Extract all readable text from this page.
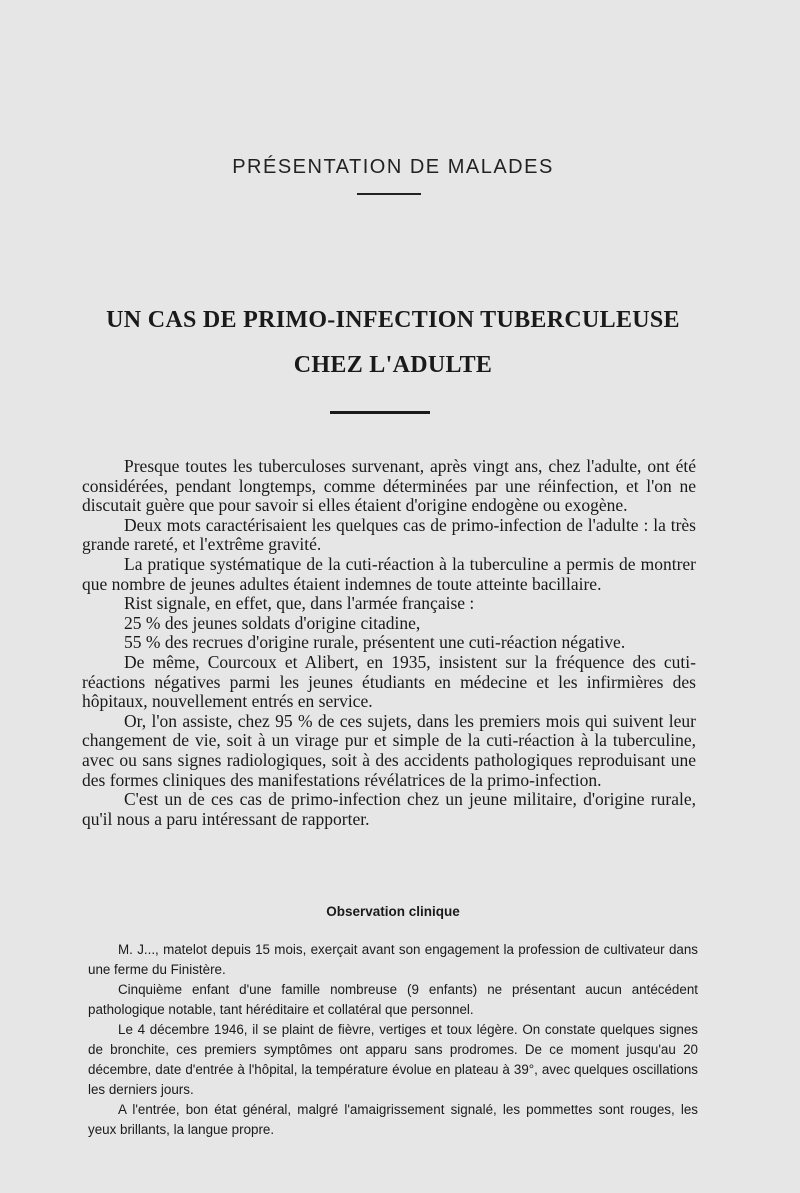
PRÉSENTATION DE MALADES
UN CAS DE PRIMO-INFECTION TUBERCULEUSE
CHEZ L'ADULTE

Presque toutes les tuberculoses survenant, après vingt ans, chez l'adulte, ont été considérées, pendant longtemps, comme déterminées par une réinfection, et l'on ne discutait guère que pour savoir si elles étaient d'origine endogène ou exogène.

Deux mots caractérisaient les quelques cas de primo-infection de l'adulte : la très grande rareté, et l'extrême gravité.

La pratique systématique de la cuti-réaction à la tuberculine a permis de montrer que nombre de jeunes adultes étaient indemnes de toute atteinte bacillaire.

Rist signale, en effet, que, dans l'armée française :

25 % des jeunes soldats d'origine citadine,

55 % des recrues d'origine rurale, présentent une cuti-réaction négative.

De même, Courcoux et Alibert, en 1935, insistent sur la fréquence des cuti-réactions négatives parmi les jeunes étudiants en médecine et les infirmières des hôpitaux, nouvellement entrés en service.

Or, l'on assiste, chez 95 % de ces sujets, dans les premiers mois qui suivent leur changement de vie, soit à un virage pur et simple de la cuti-réaction à la tuberculine, avec ou sans signes radiologiques, soit à des accidents pathologiques reproduisant une des formes cliniques des manifestations révélatrices de la primo-infection.

C'est un de ces cas de primo-infection chez un jeune militaire, d'origine rurale, qu'il nous a paru intéressant de rapporter.

Observation clinique

M. J..., matelot depuis 15 mois, exerçait avant son engagement la profession de cultivateur dans une ferme du Finistère.

Cinquième enfant d'une famille nombreuse (9 enfants) ne présentant aucun antécédent pathologique notable, tant héréditaire et collatéral que personnel.

Le 4 décembre 1946, il se plaint de fièvre, vertiges et toux légère. On constate quelques signes de bronchite, ces premiers symptômes ont apparu sans prodromes. De ce moment jusqu'au 20 décembre, date d'entrée à l'hôpital, la température évolue en plateau à 39°, avec quelques oscillations les derniers jours.

A l'entrée, bon état général, malgré l'amaigrissement signalé, les pommettes sont rouges, les yeux brillants, la langue propre.
